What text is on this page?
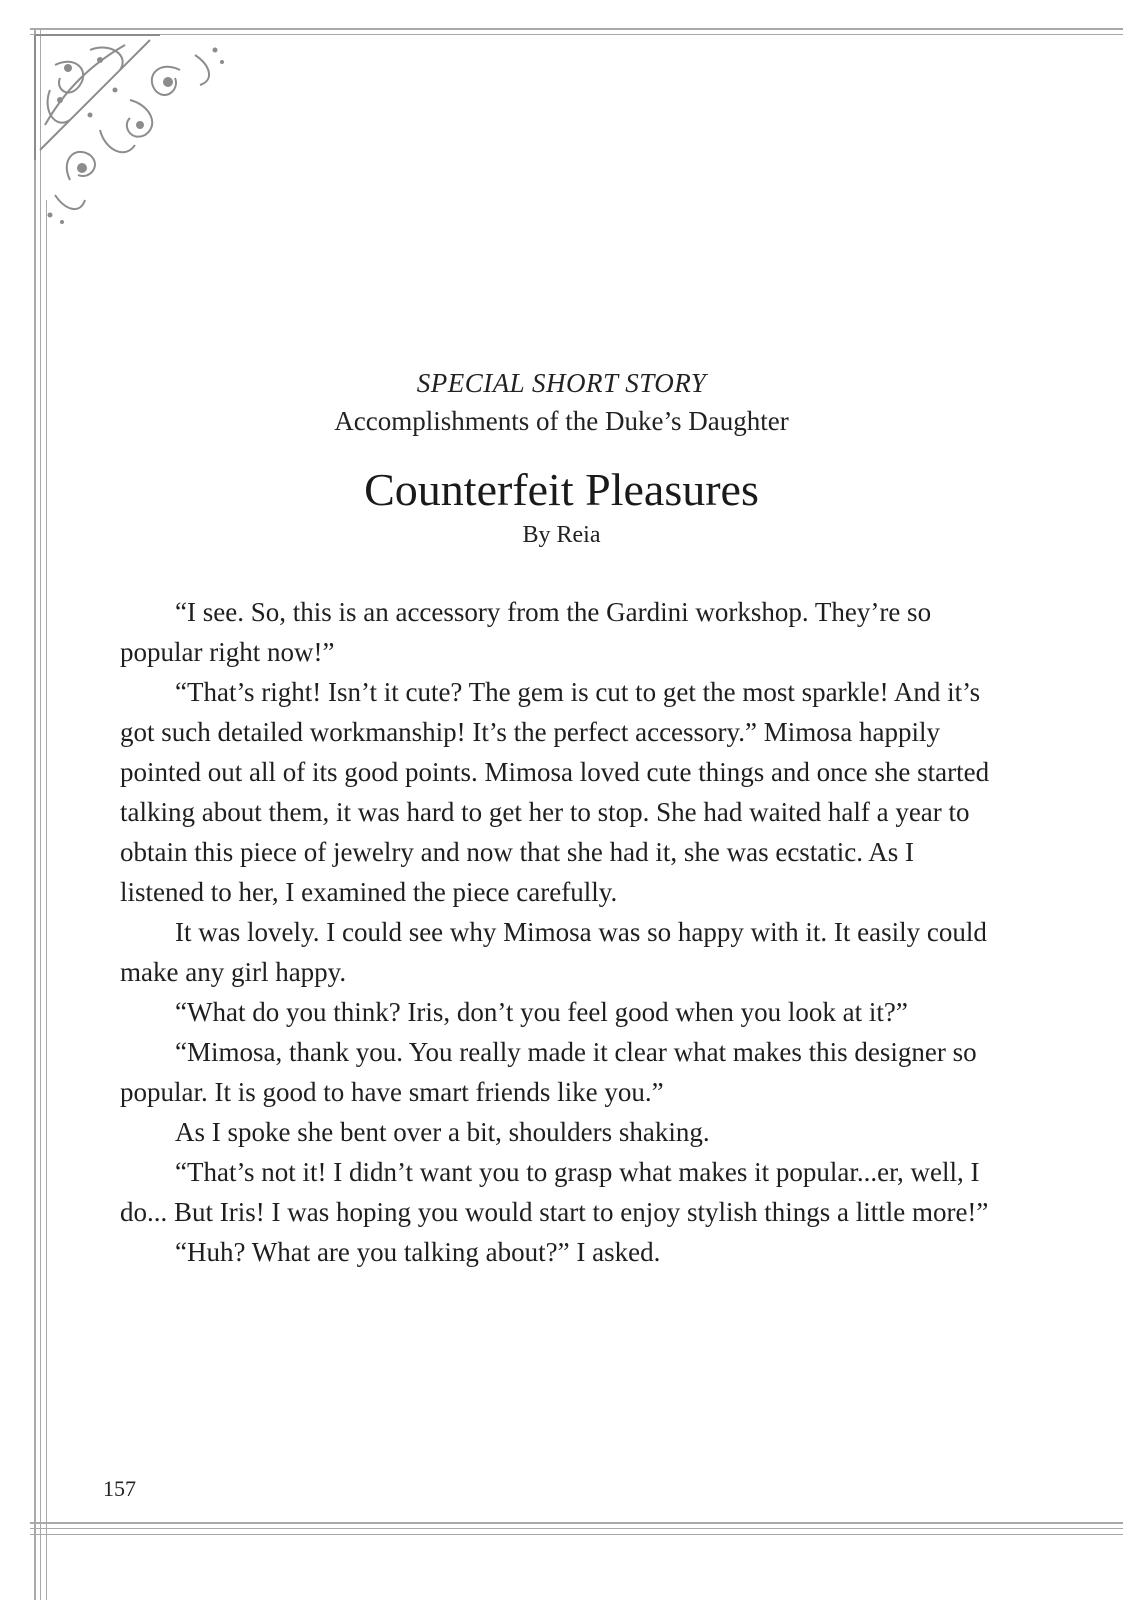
SPECIAL SHORT STORY
Accomplishments of the Duke’s Daughter
Counterfeit Pleasures
By Reia

“I see. So, this is an accessory from the Gardini workshop. They’re so popular right now!”

“That’s right! Isn’t it cute? The gem is cut to get the most sparkle! And it’s got such detailed workmanship! It’s the perfect accessory.” Mimosa happily pointed out all of its good points. Mimosa loved cute things and once she started talking about them, it was hard to get her to stop. She had waited half a year to obtain this piece of jewelry and now that she had it, she was ecstatic. As I listened to her, I examined the piece carefully.

It was lovely. I could see why Mimosa was so happy with it. It easily could make any girl happy.

“What do you think? Iris, don’t you feel good when you look at it?”

“Mimosa, thank you. You really made it clear what makes this designer so popular. It is good to have smart friends like you.”

As I spoke she bent over a bit, shoulders shaking.

“That’s not it! I didn’t want you to grasp what makes it popular...er, well, I do... But Iris! I was hoping you would start to enjoy stylish things a little more!”

“Huh? What are you talking about?” I asked.

157
